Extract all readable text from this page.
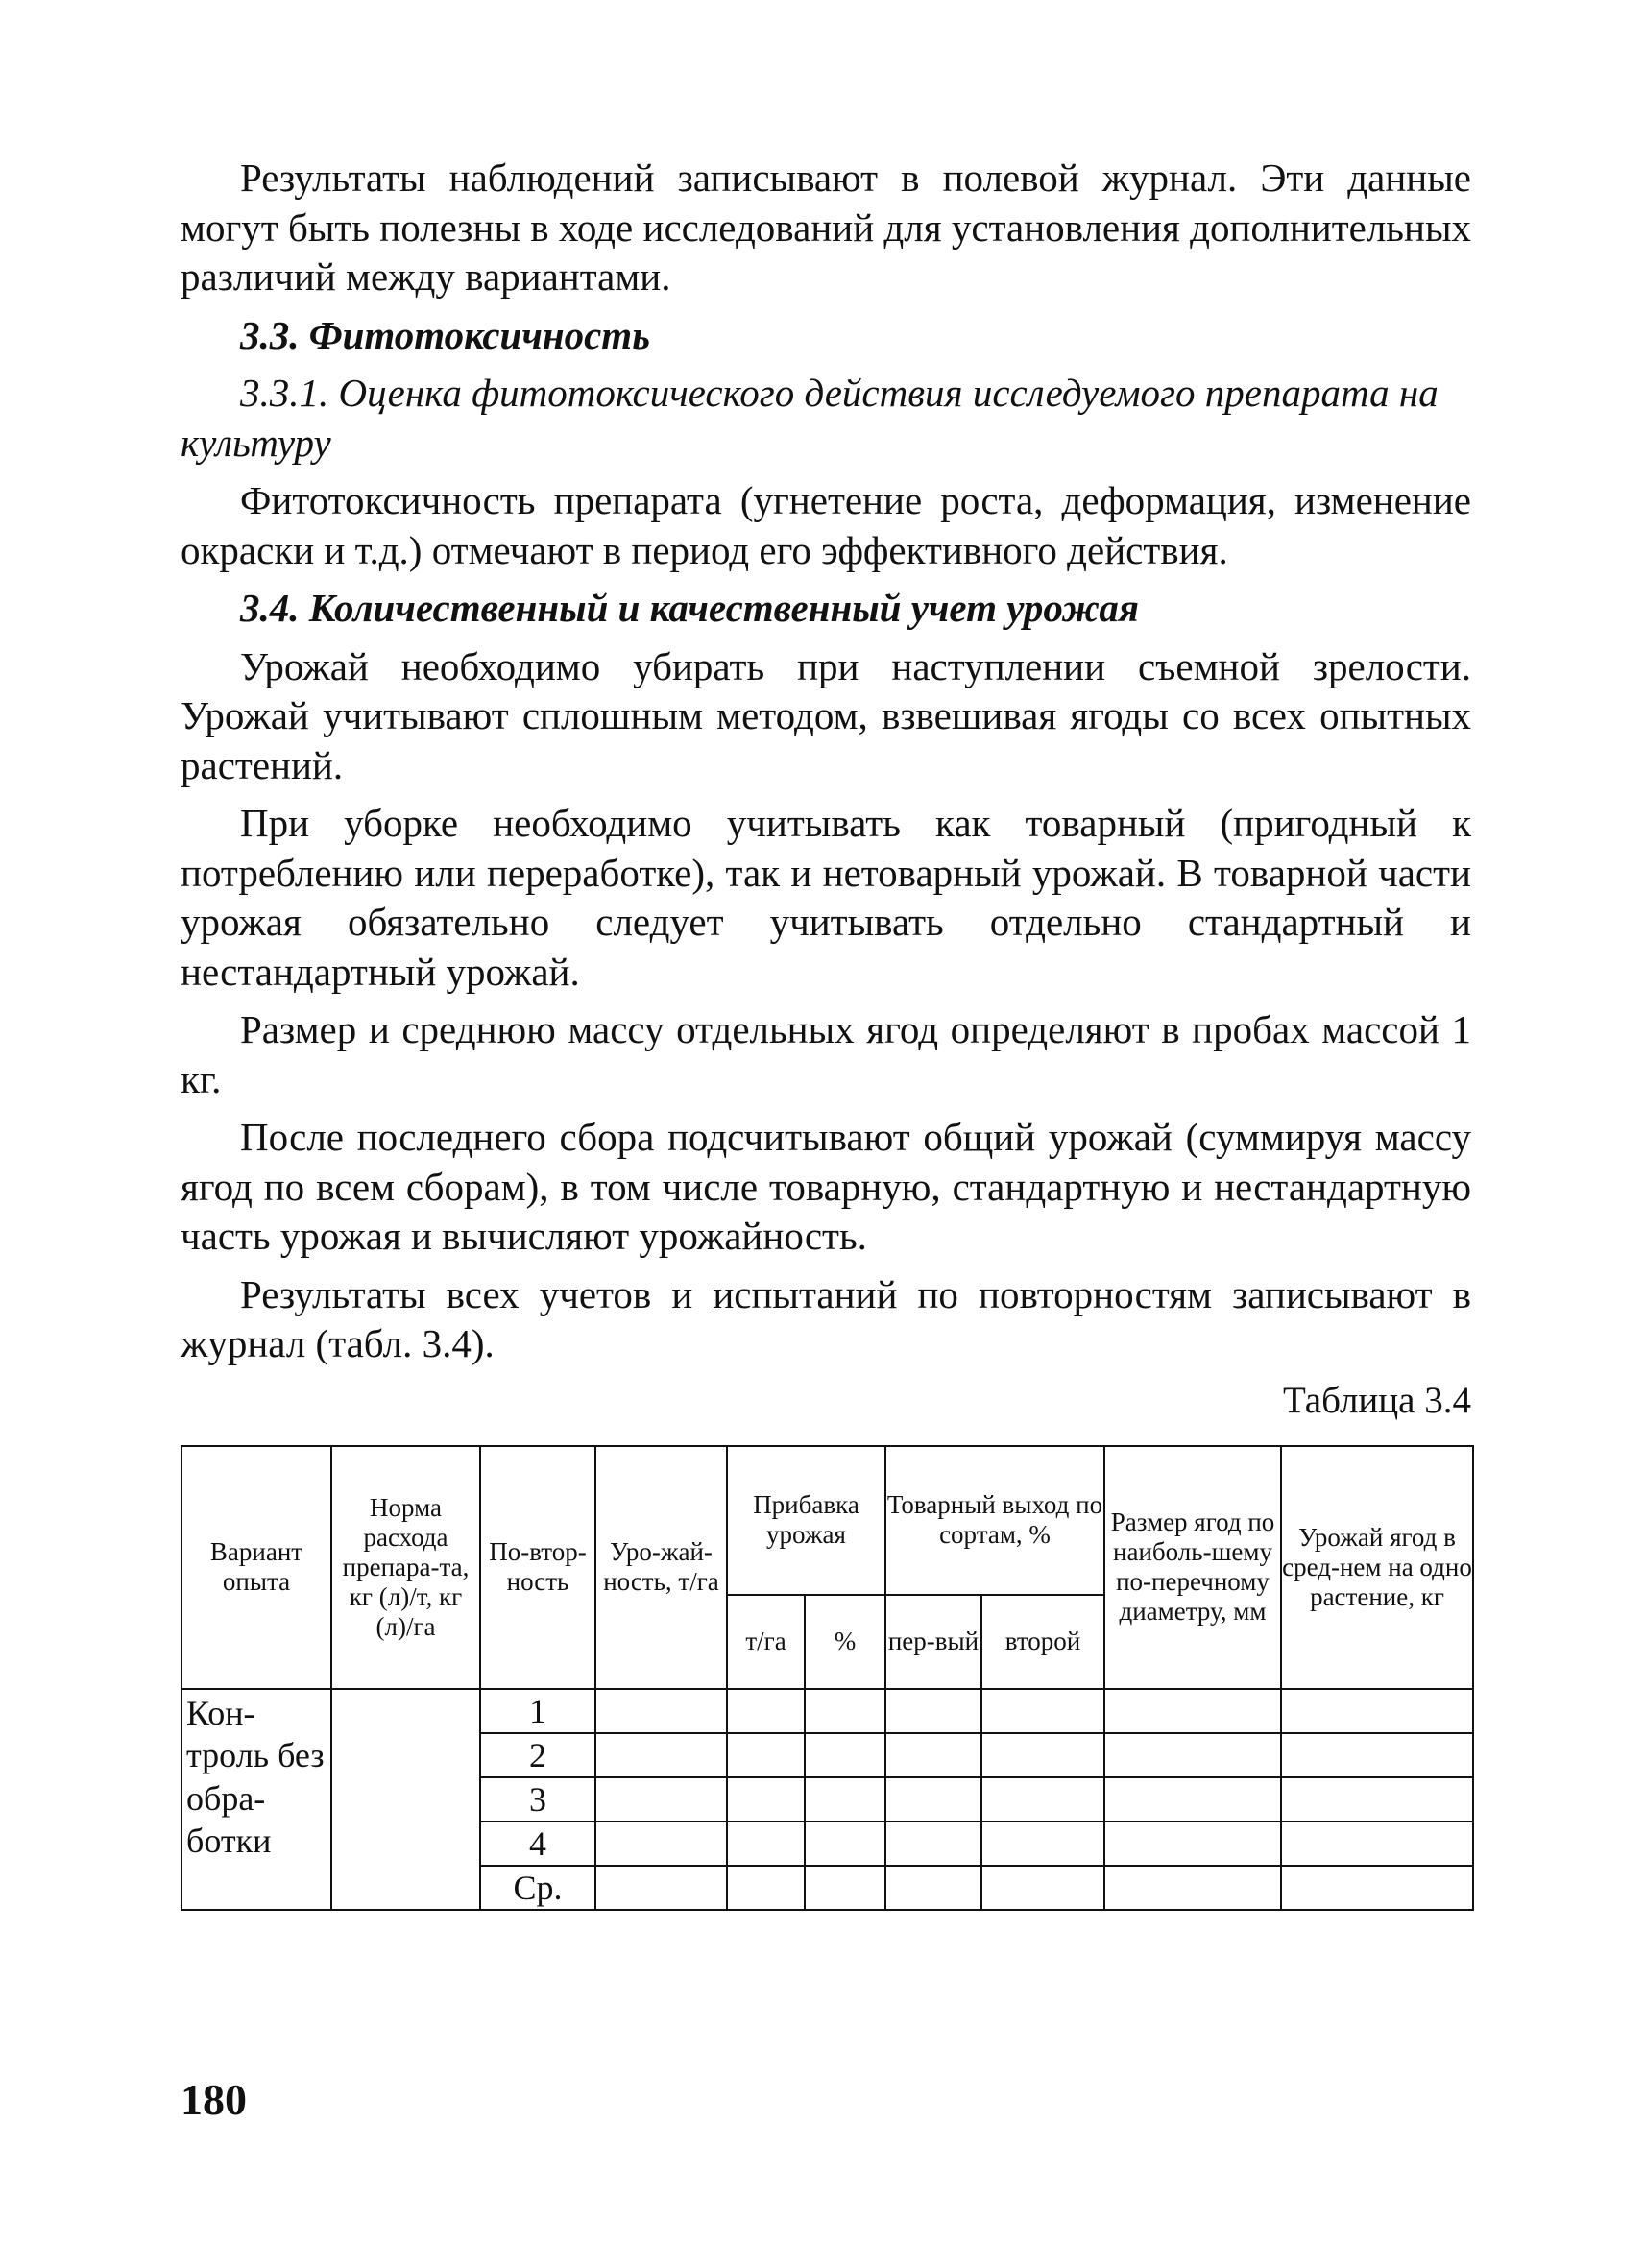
Результаты наблюдений записывают в полевой журнал. Эти данные могут быть полезны в ходе исследований для установления дополнительных различий между вариантами.

3.3. Фитотоксичность

3.3.1. Оценка фитотоксического действия исследуемого препарата на культуру

Фитотоксичность препарата (угнетение роста, деформация, изменение окраски и т.д.) отмечают в период его эффективного действия.

3.4. Количественный и качественный учет урожая

Урожай необходимо убирать при наступлении съемной зрелости. Урожай учитывают сплошным методом, взвешивая ягоды со всех опытных растений.

При уборке необходимо учитывать как товарный (пригодный к потреблению или переработке), так и нетоварный урожай. В товарной части урожая обязательно следует учитывать отдельно стандартный и нестандартный урожай.

Размер и среднюю массу отдельных ягод определяют в пробах массой 1 кг.

После последнего сбора подсчитывают общий урожай (суммируя массу ягод по всем сборам), в том числе товарную, стандартную и нестандартную часть урожая и вычисляют урожайность.

Результаты всех учетов и испытаний по повторностям записывают в журнал (табл. 3.4).

Таблица 3.4
Вариант опыта	Норма расхода препара-та, кг (л)/т, кг (л)/га	По-втор-ность	Уро-жай-ность, т/га	Прибавка урожая		Товарный выход по сортам, %		Размер ягод по наиболь-шему по-перечному диаметру, мм	Урожай ягод в сред-нем на одно растение, кг
				т/га	%	пер-вый	второй		
Кон-троль без обра-ботки		1							
		2							
		3							
		4							
		Ср.							
180
